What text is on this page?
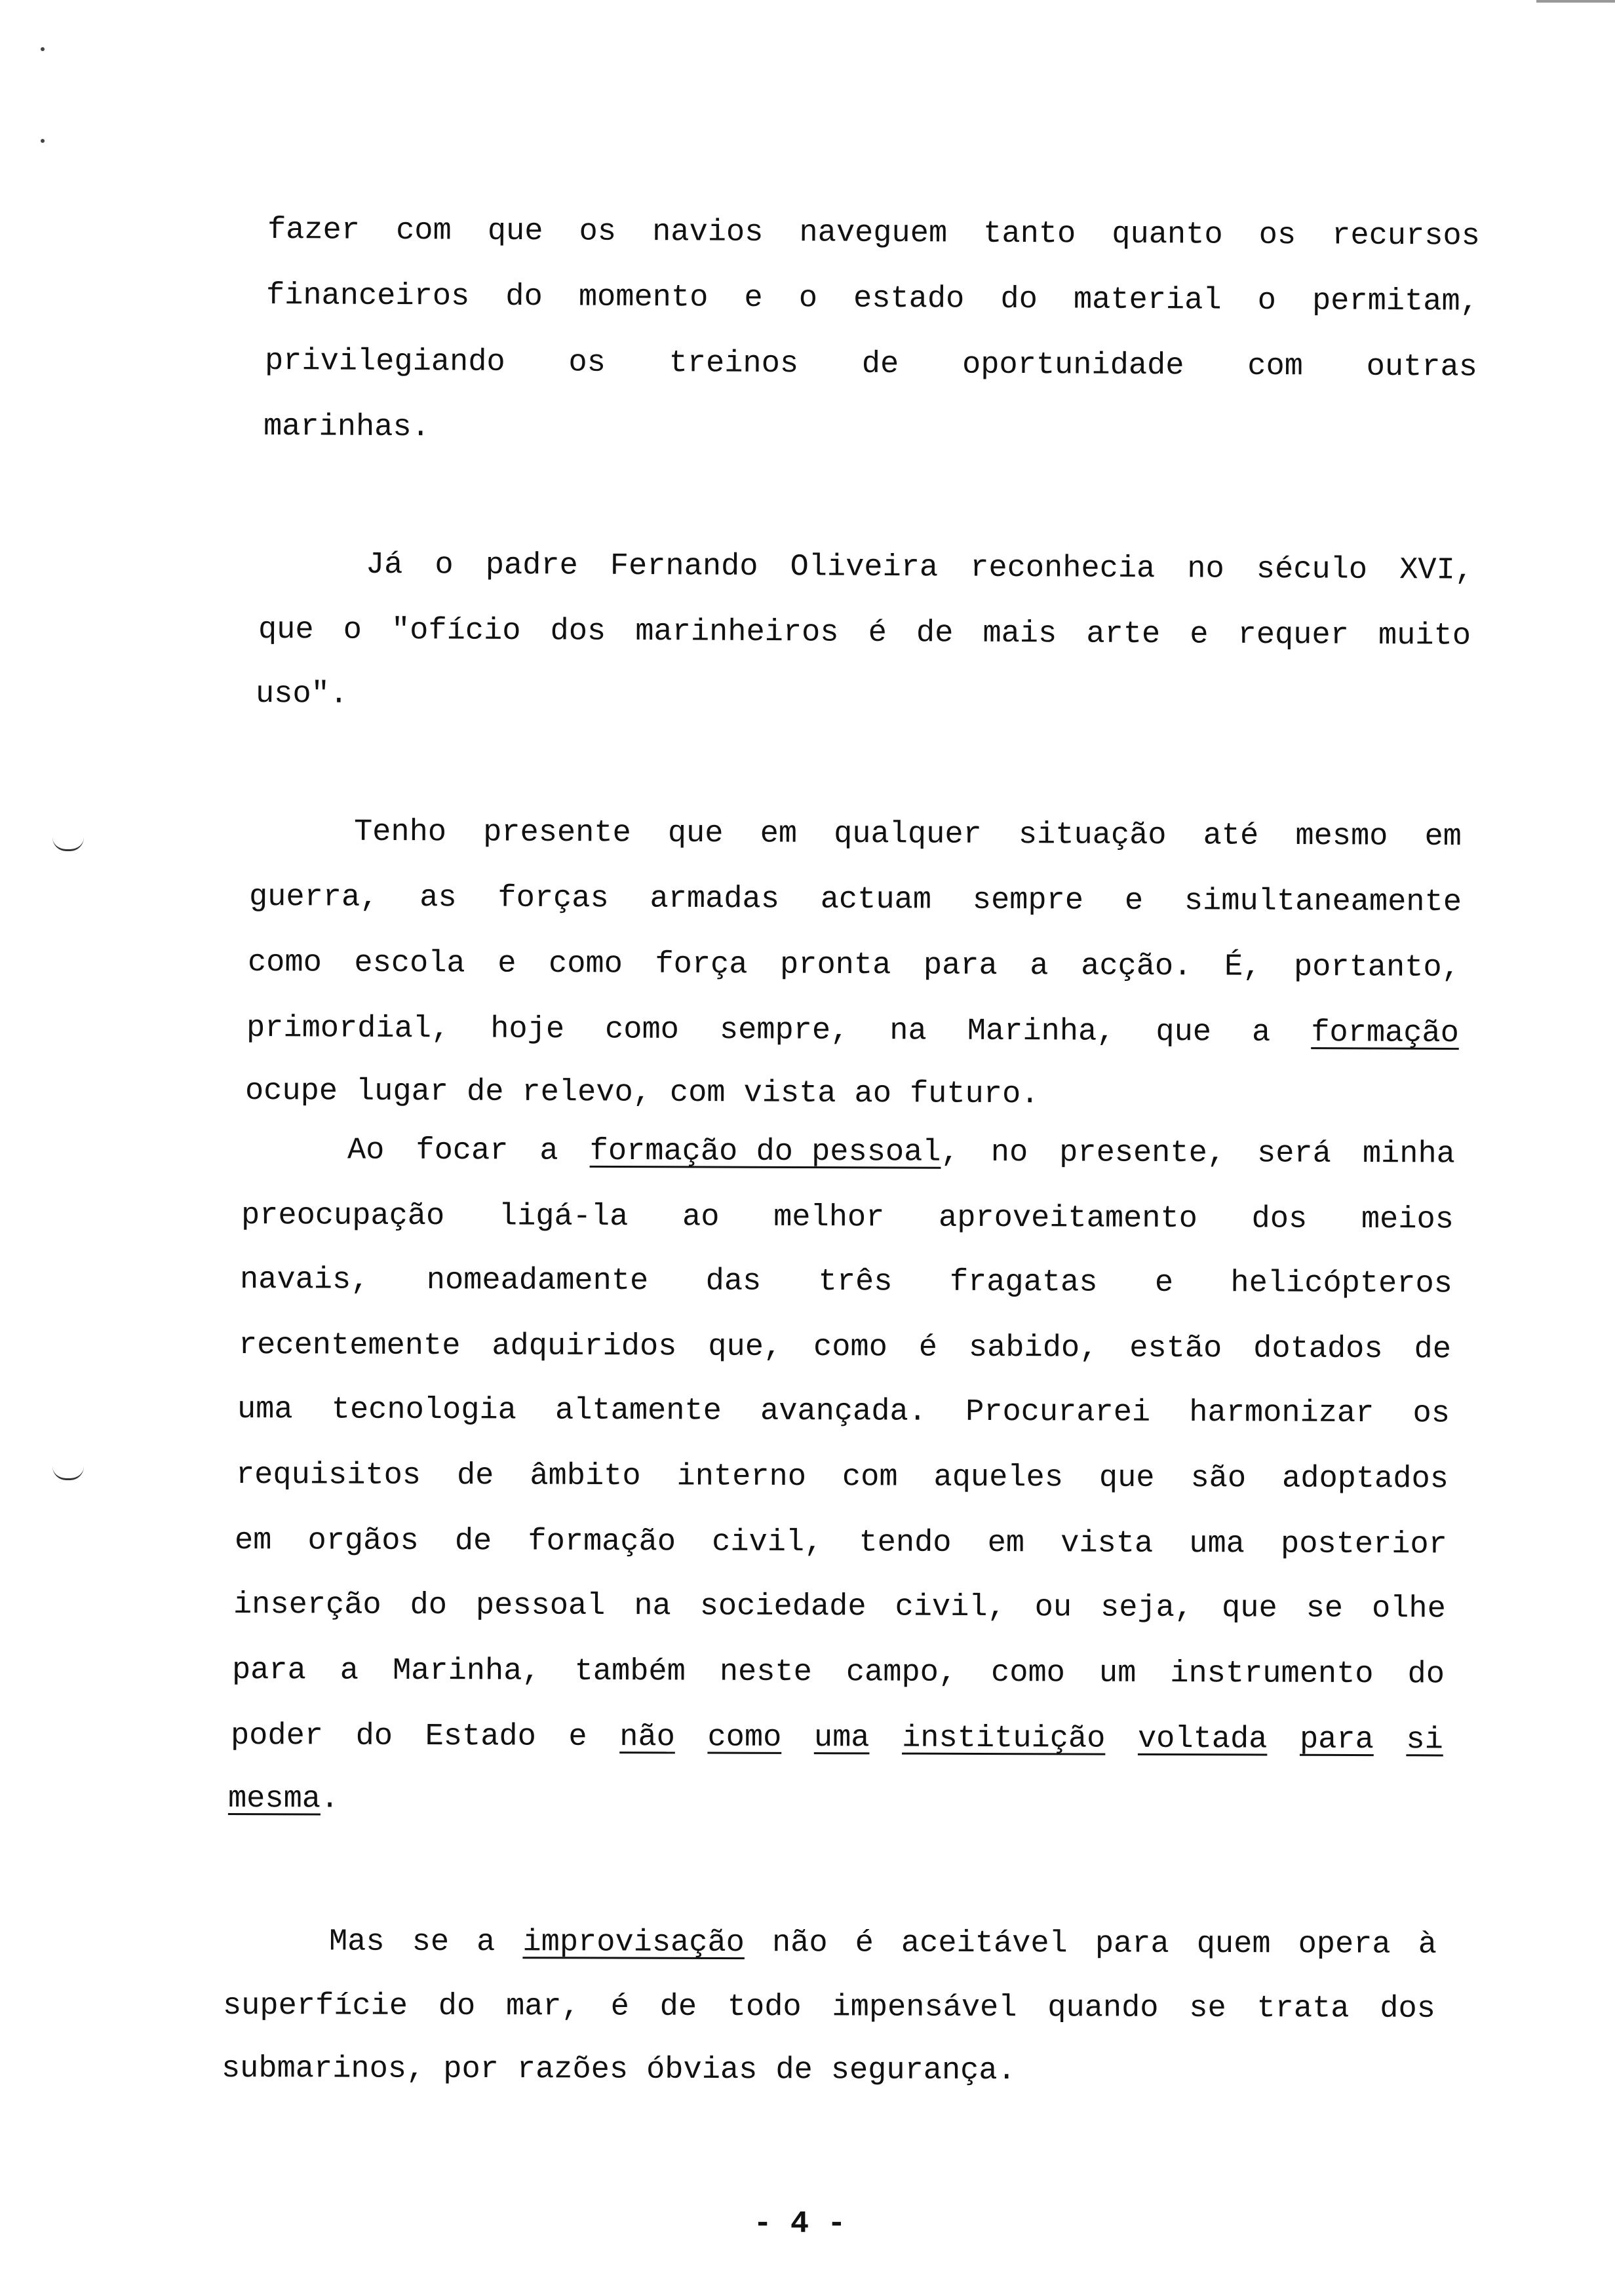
fazer com que os navios naveguem tanto quanto os recursos
financeiros do momento e o estado do material o permitam,
privilegiando os treinos de oportunidade com outras
marinhas.
Já o padre Fernando Oliveira reconhecia no século XVI,
que o "ofício dos marinheiros é de mais arte e requer muito
uso".
Tenho presente que em qualquer situação até mesmo em
guerra, as forças armadas actuam sempre e simultaneamente
como escola e como força pronta para a acção. É, portanto,
primordial, hoje como sempre, na Marinha, que a formação
ocupe lugar de relevo, com vista ao futuro.
Ao focar a formação do pessoal, no presente, será minha
preocupação ligá-la ao melhor aproveitamento dos meios
navais, nomeadamente das três fragatas e helicópteros
recentemente adquiridos que, como é sabido, estão dotados de
uma tecnologia altamente avançada. Procurarei harmonizar os
requisitos de âmbito interno com aqueles que são adoptados
em orgãos de formação civil, tendo em vista uma posterior
inserção do pessoal na sociedade civil, ou seja, que se olhe
para a Marinha, também neste campo, como um instrumento do
poder do Estado e não como uma instituição voltada para si
mesma.
Mas se a improvisação não é aceitável para quem opera à
superfície do mar, é de todo impensável quando se trata dos
submarinos, por razões óbvias de segurança.
- 4 -
